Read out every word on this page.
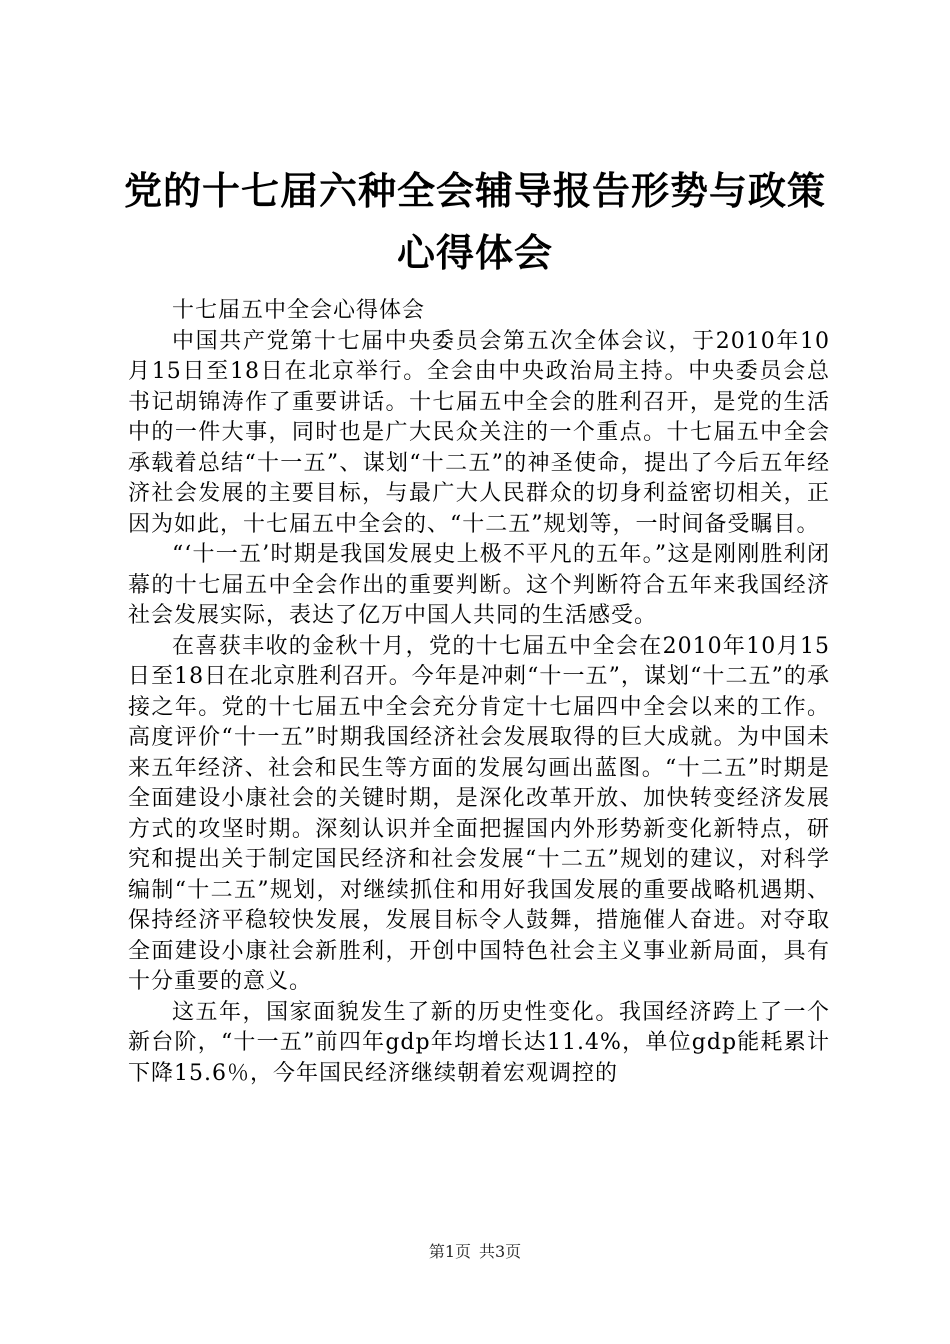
党的十七届六种全会辅导报告形势与政策心得体会

十七届五中全会心得体会

中国共产党第十七届中央委员会第五次全体会议，于2010年10月15日至18日在北京举行。全会由中央政治局主持。中央委员会总书记胡锦涛作了重要讲话。十七届五中全会的胜利召开，是党的生活中的一件大事，同时也是广大民众关注的一个重点。十七届五中全会承载着总结“十一五”、谋划“十二五”的神圣使命，提出了今后五年经济社会发展的主要目标，与最广大人民群众的切身利益密切相关，正因为如此，十七届五中全会的、“十二五”规划等，一时间备受瞩目。

“‘十一五’时期是我国发展史上极不平凡的五年。”这是刚刚胜利闭幕的十七届五中全会作出的重要判断。这个判断符合五年来我国经济社会发展实际，表达了亿万中国人共同的生活感受。

在喜获丰收的金秋十月，党的十七届五中全会在2010年10月15日至18日在北京胜利召开。今年是冲刺“十一五”，谋划“十二五”的承接之年。党的十七届五中全会充分肯定十七届四中全会以来的工作。高度评价“十一五”时期我国经济社会发展取得的巨大成就。为中国未来五年经济、社会和民生等方面的发展勾画出蓝图。“十二五”时期是全面建设小康社会的关键时期，是深化改革开放、加快转变经济发展方式的攻坚时期。深刻认识并全面把握国内外形势新变化新特点，研究和提出关于制定国民经济和社会发展“十二五”规划的建议，对科学编制“十二五”规划，对继续抓住和用好我国发展的重要战略机遇期、保持经济平稳较快发展，发展目标令人鼓舞，措施催人奋进。对夺取全面建设小康社会新胜利，开创中国特色社会主义事业新局面，具有十分重要的意义。

这五年，国家面貌发生了新的历史性变化。我国经济跨上了一个新台阶，“十一五”前四年gdp年均增长达11.4%，单位gdp能耗累计下降15.6％，今年国民经济继续朝着宏观调控的

第1页 共3页
